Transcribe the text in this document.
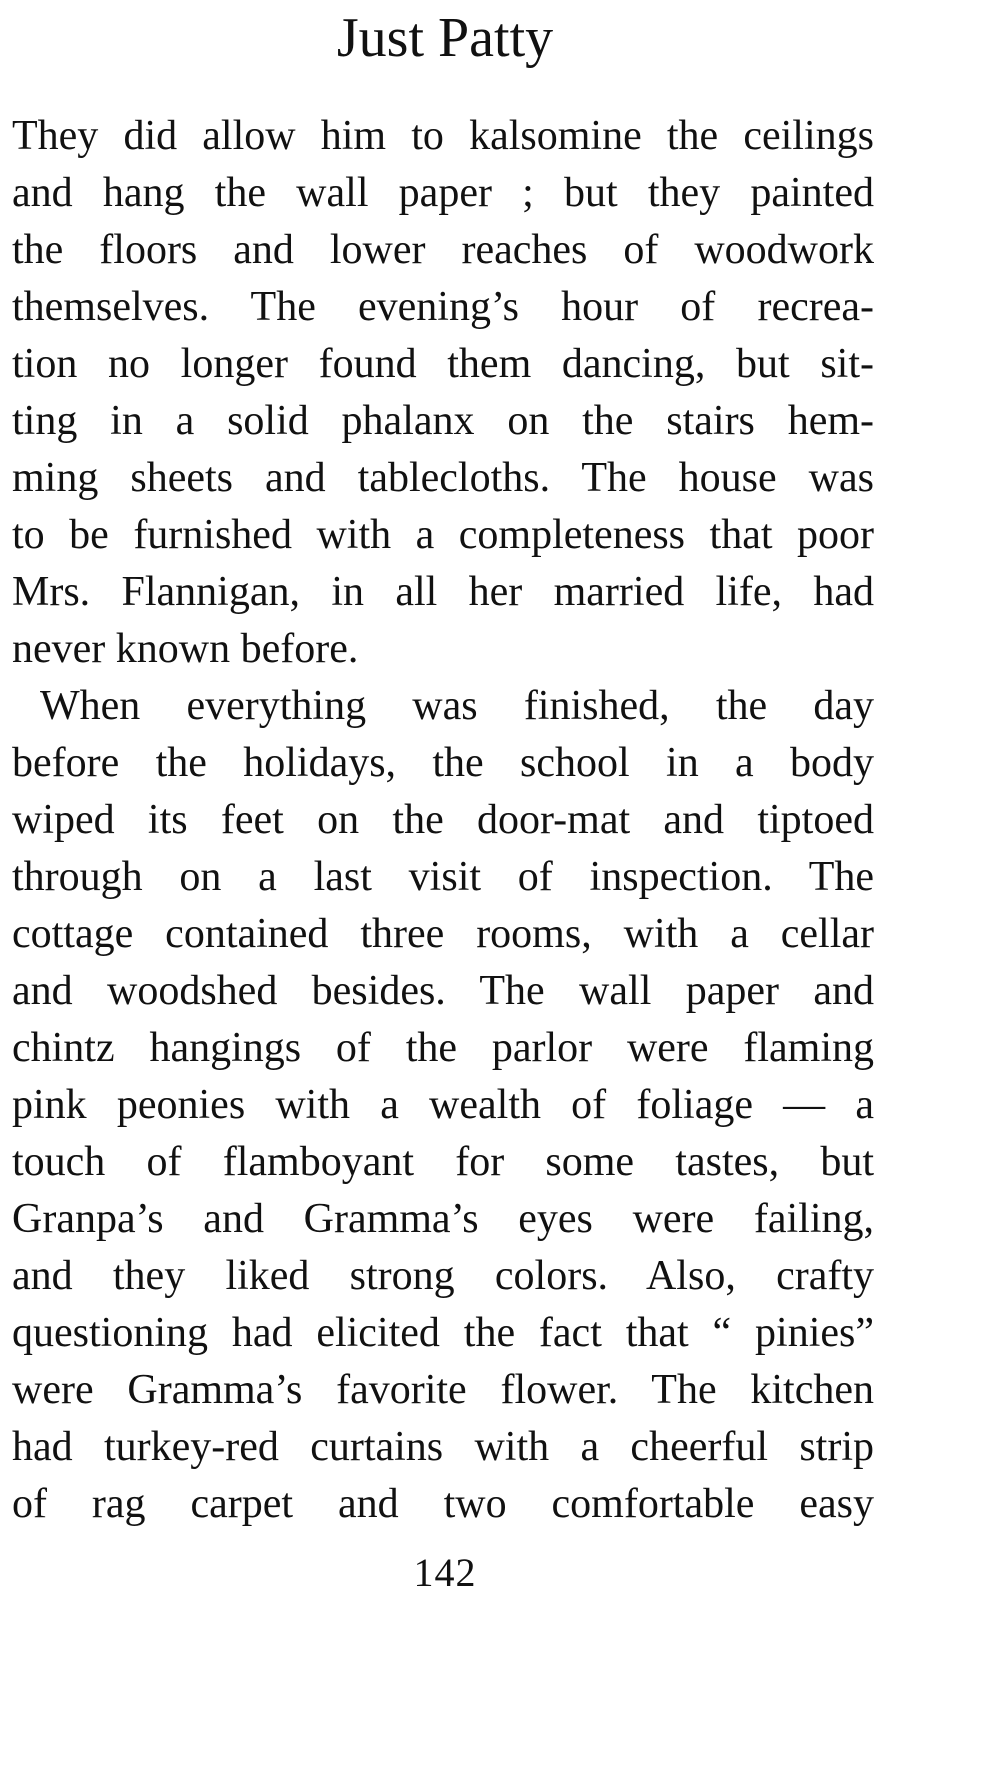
Just Patty
They did allow him to kalsomine the ceilings
and hang the wall paper ; but they painted
the floors and lower reaches of woodwork
themselves. The evening’s hour of recrea-
tion no longer found them dancing, but sit-
ting in a solid phalanx on the stairs hem-
ming sheets and tablecloths. The house was
to be furnished with a completeness that poor
Mrs. Flannigan, in all her married life, had
never known before.
When everything was finished, the day
before the holidays, the school in a body
wiped its feet on the door-mat and tiptoed
through on a last visit of inspection. The
cottage contained three rooms, with a cellar
and woodshed besides. The wall paper and
chintz hangings of the parlor were flaming
pink peonies with a wealth of foliage — a
touch of flamboyant for some tastes, but
Granpa’s and Gramma’s eyes were failing,
and they liked strong colors. Also, crafty
questioning had elicited the fact that “ pinies”
were Gramma’s favorite flower. The kitchen
had turkey-red curtains with a cheerful strip
of rag carpet and two comfortable easy
142
